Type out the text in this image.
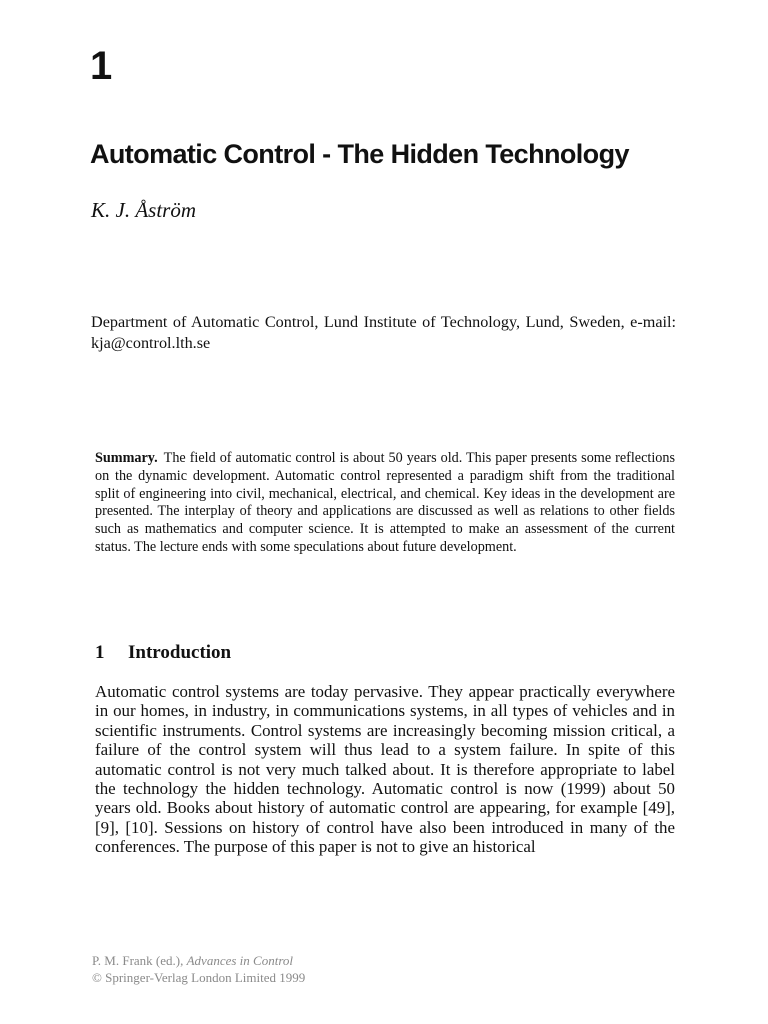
1
Automatic Control - The Hidden Technology

K. J. Åström

Department of Automatic Control, Lund Institute of Technology, Lund, Sweden, e-mail: kja@control.lth.se

Summary. The field of automatic control is about 50 years old. This paper presents some reflections on the dynamic development. Automatic control represented a paradigm shift from the traditional split of engineering into civil, mechanical, electrical, and chemical. Key ideas in the development are presented. The interplay of theory and applications are discussed as well as relations to other fields such as mathematics and computer science. It is attempted to make an assessment of the current status. The lecture ends with some speculations about future development.

1 Introduction

Automatic control systems are today pervasive. They appear practically everywhere in our homes, in industry, in communications systems, in all types of vehicles and in scientific instruments. Control systems are increasingly becoming mission critical, a failure of the control system will thus lead to a system failure. In spite of this automatic control is not very much talked about. It is therefore appropriate to label the technology the hidden technology. Automatic control is now (1999) about 50 years old. Books about history of automatic control are appearing, for example [49], [9], [10]. Sessions on history of control have also been introduced in many of the conferences. The purpose of this paper is not to give an historical

P. M. Frank (ed.), Advances in Control
© Springer-Verlag London Limited 1999
